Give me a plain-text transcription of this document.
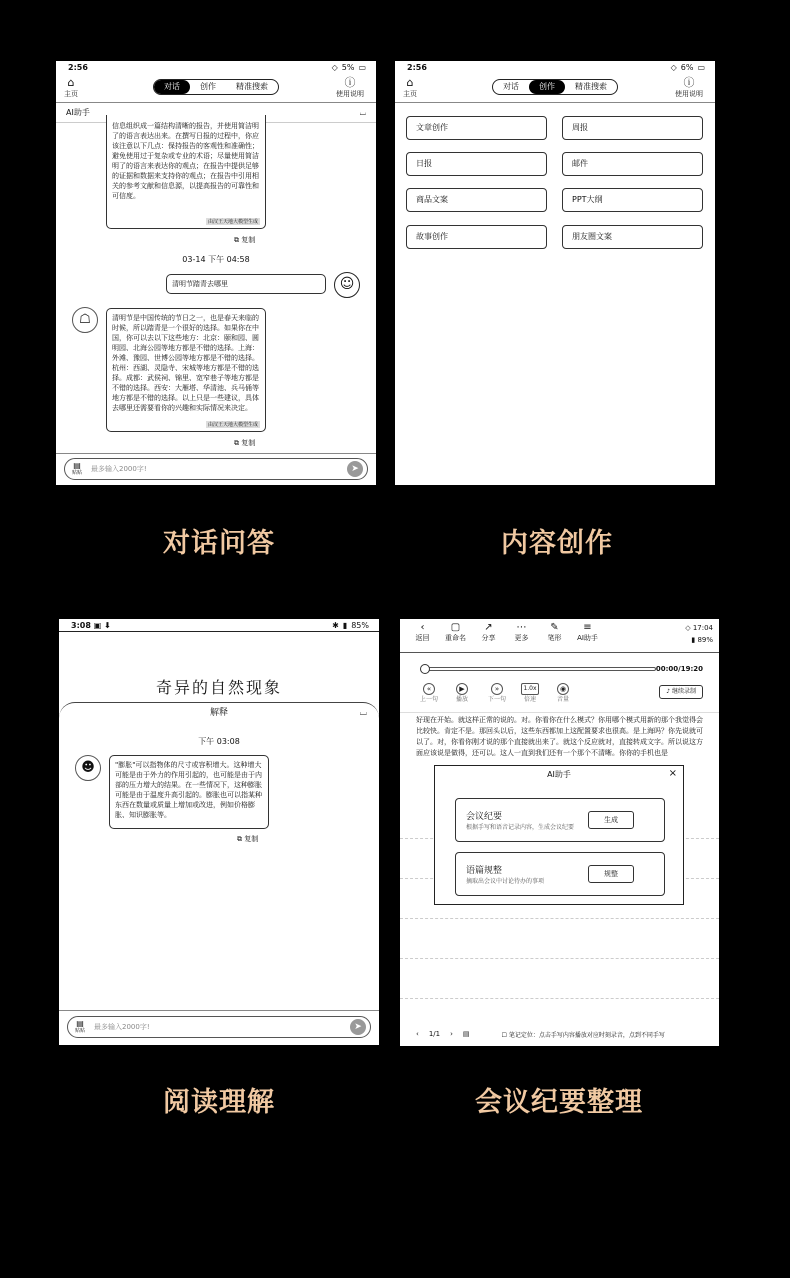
2:56	◇ 5% ▭
⌂
主页
对话	创作	精准搜索	ⓘ
使用说明
AI助手	⌴
信息组织成一篇结构清晰的报告，并使用简洁明了的语言表达出来。在撰写日报的过程中，你应该注意以下几点：保持报告的客观性和准确性；避免使用过于复杂或专业的术语；尽量使用简洁明了的语言来表达你的观点；在报告中提供足够的证据和数据来支持你的观点；在报告中引用相关的参考文献和信息源，以提高报告的可靠性和可信度。
由汉王天地大模型生成
⧉ 复制
03-14 下午 04:58
清明节踏青去哪里	☺
☖	清明节是中国传统的节日之一，也是春天来临的时候，所以踏青是一个很好的选择。如果你在中国，你可以去以下这些地方：北京：颐和园、圆明园、北海公园等地方都是不错的选择。上海：外滩、豫园、世博公园等地方都是不错的选择。杭州：西湖、灵隐寺、宋城等地方都是不错的选择。成都：武侯祠、锦里、宽窄巷子等地方都是不错的选择。西安：大雁塔、华清池、兵马俑等地方都是不错的选择。以上只是一些建议，具体去哪里还需要看你的兴趣和实际情况来决定。
由汉王天地大模型生成
⧉ 复制
▤
贴贴	最多输入2000字!	➤
2:56	◇ 6% ▭
⌂
主页
对话	创作	精准搜索	ⓘ
使用说明
文章创作	周报
日报	邮件
商品文案	PPT大纲
故事创作	朋友圈文案
3:08 ▣ ⬇	✱ ▮ 85%
奇异的自然现象
解释	⌴
下午 03:08
☻	"膨胀"可以指物体的尺寸或容积增大。这种增大可能是由于外力的作用引起的，也可能是由于内部的压力增大的结果。在一些情况下，这种膨胀可能是由于温度升高引起的。膨胀也可以指某种东西在数量或质量上增加或改进，例如价格膨胀、知识膨胀等。
⧉ 复制
▤
贴贴	最多输入2000字!	➤
‹
返回
▢
重命名
↗
分享
⋯
更多
✎
笔形
≡
AI助手
◇ 17:04
▮ 89%
00:00/19:20
«
上一句
▶
播放
»
下一句
1.0x
倍速
◉
音量
♪ 继续录制
好现在开始。就这样正常的说的。对。你看你在什么模式？你用哪个模式用新的那个我觉得会比较快。肯定不是。那回头以后，这些东西都加上这配置要求也很高。是上海吗？你先说就可以了。对，你看你刚才说的那个直接就出来了。就这个反应就对，直接转成文字。所以说这方面应该说是做得，还可以。这人一直到我们还有一个那个不清晰。你你的手机也是
AI助手	×
会议纪要
根据手写和语音记录内容，生成会议纪要
生成
语篇规整
摘取出会议中讨论待办的事项
规整
‹ 1/1 › ▤	☐ 笔记定位：点击手写内容播放对应时刻录音，点到不同手写
对话问答	内容创作
阅读理解	会议纪要整理
